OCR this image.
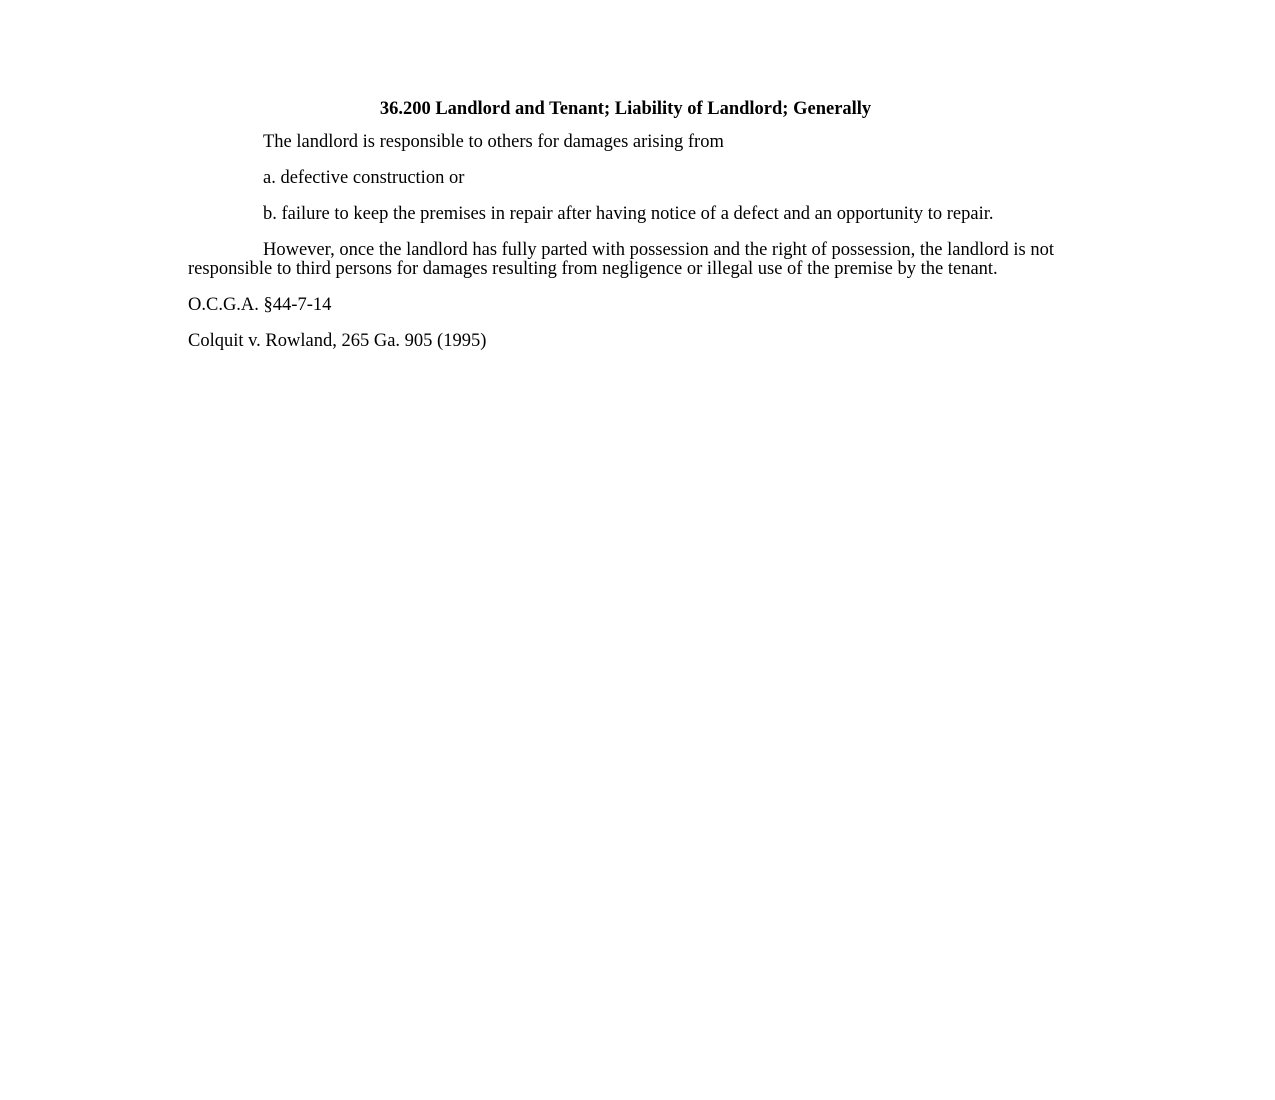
36.200 Landlord and Tenant; Liability of Landlord; Generally
The landlord is responsible to others for damages arising from
a. defective construction or
b. failure to keep the premises in repair after having notice of a defect and an opportunity to repair.
However, once the landlord has fully parted with possession and the right of possession, the landlord is not responsible to third persons for damages resulting from negligence or illegal use of the premise by the tenant.
O.C.G.A. §44-7-14
Colquit v. Rowland, 265 Ga. 905 (1995)
